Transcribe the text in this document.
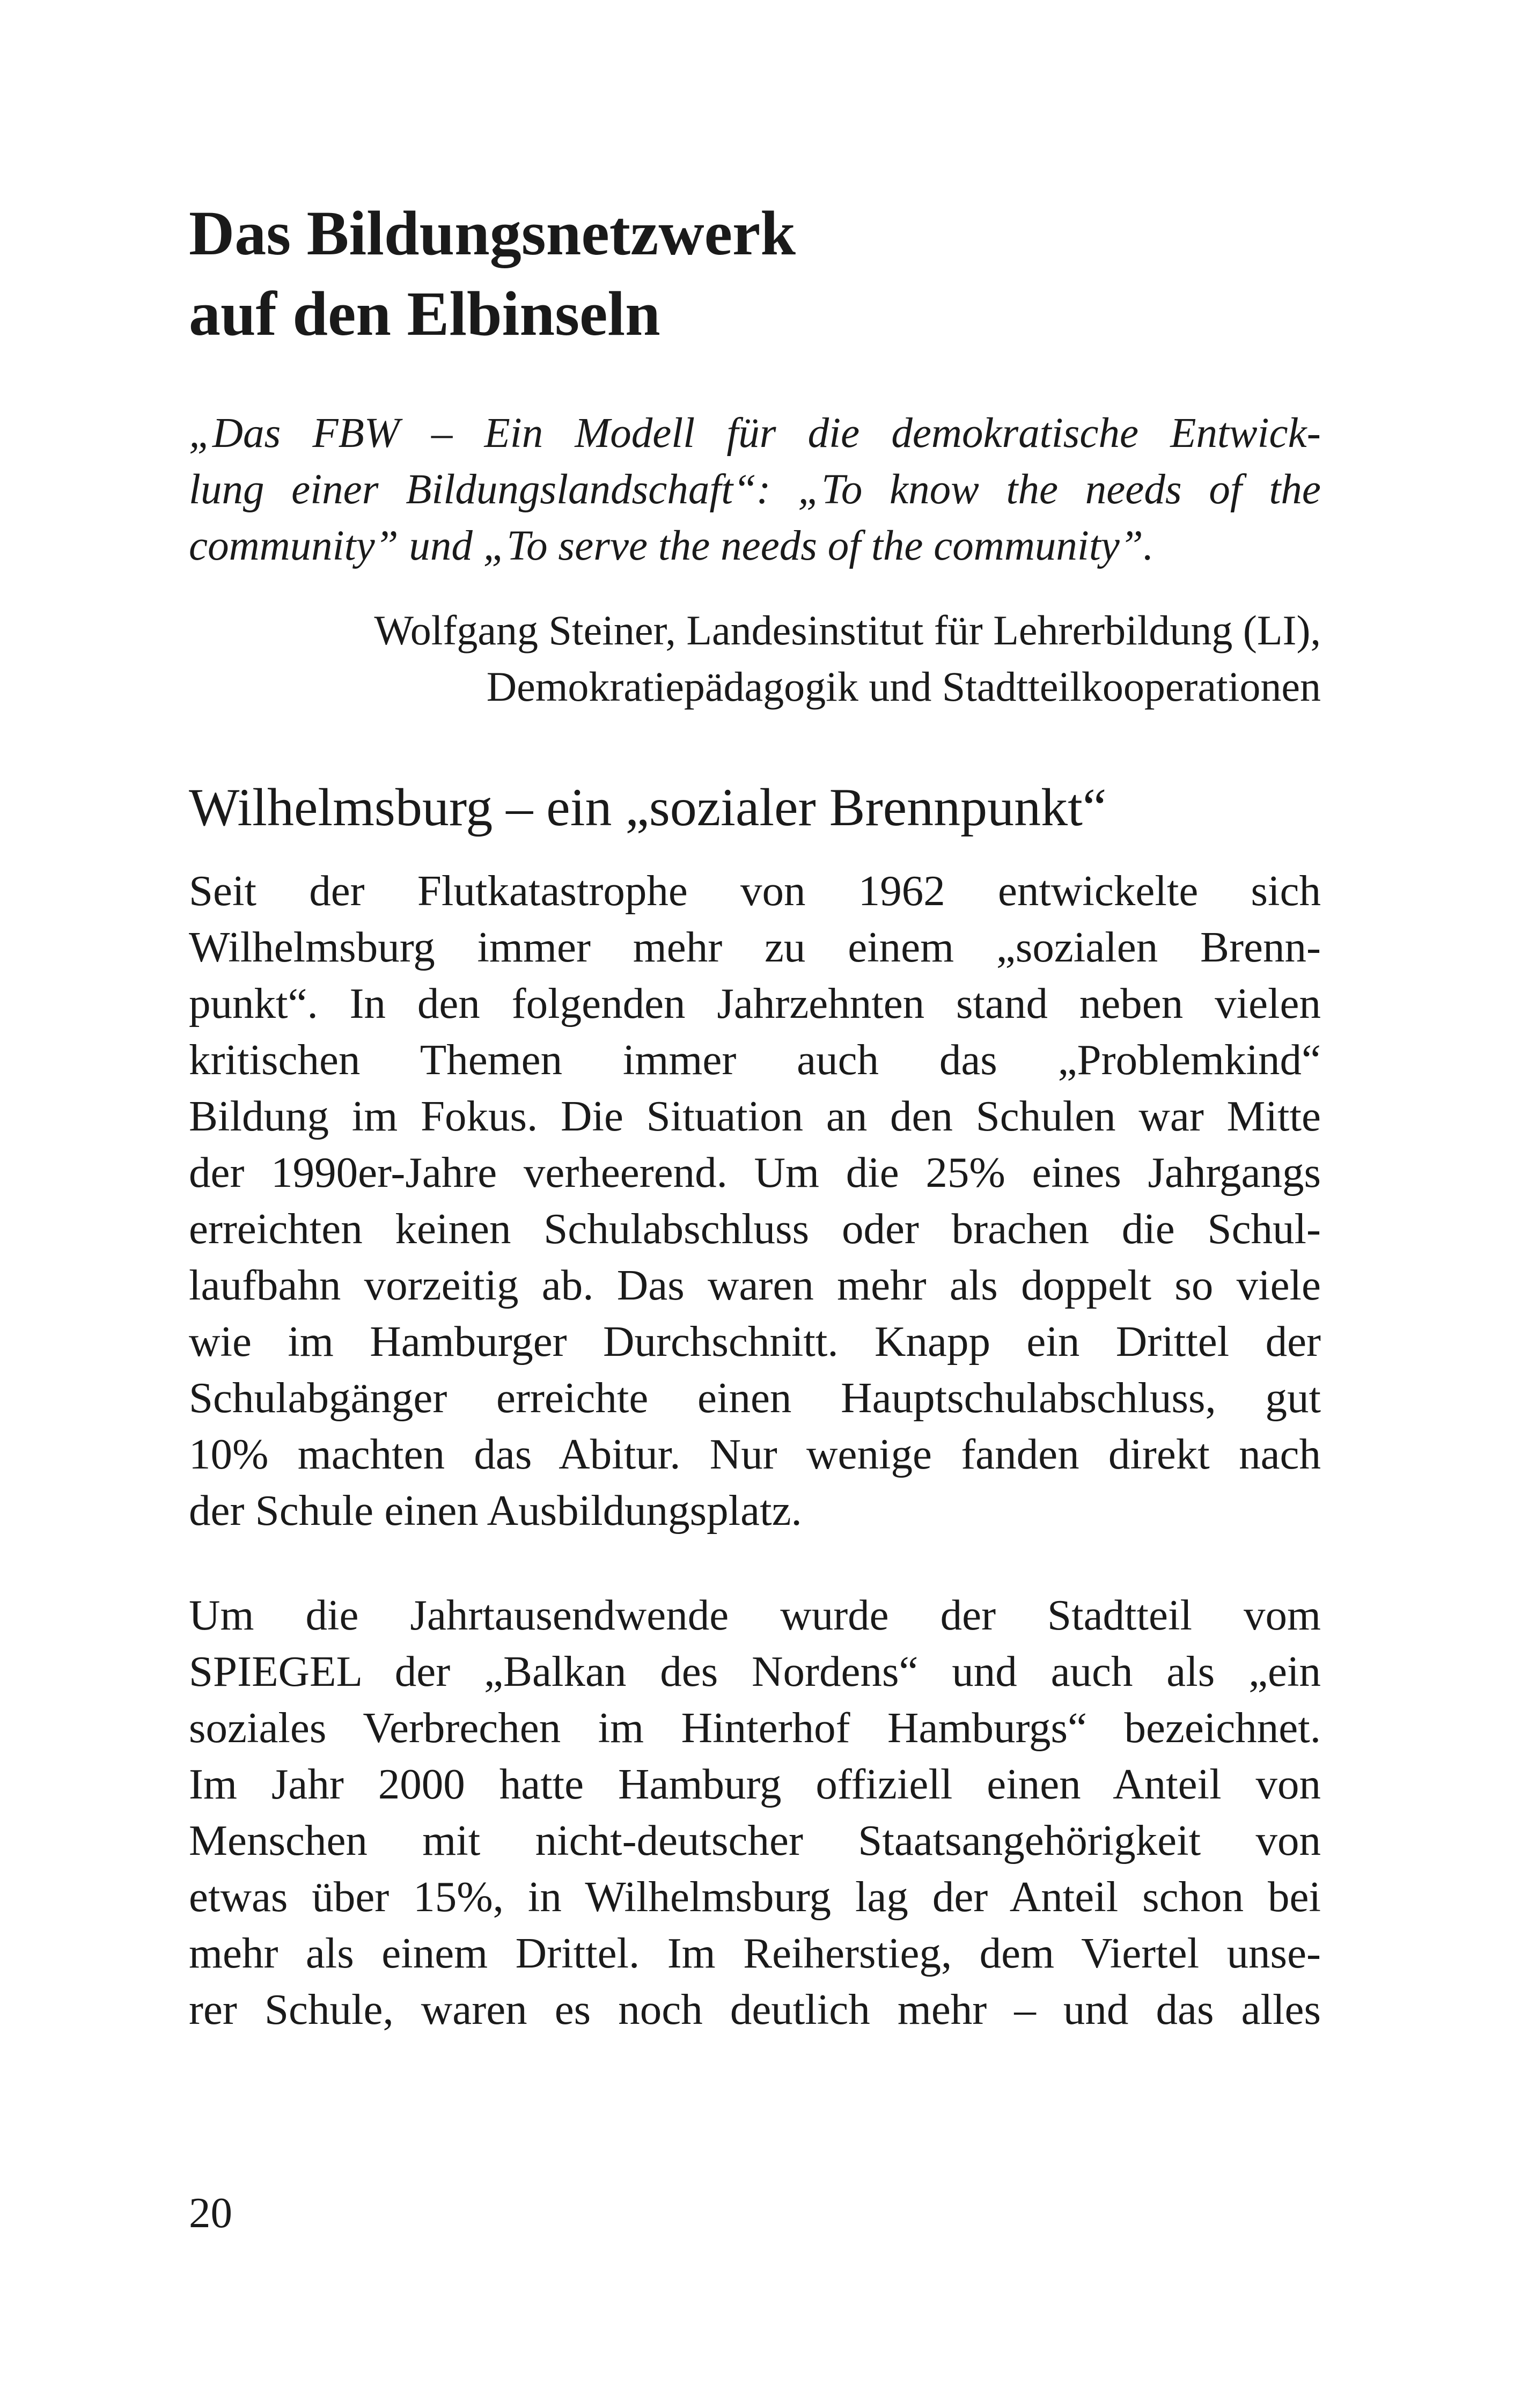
Das Bildungsnetzwerk
auf den Elbinseln
„Das FBW – Ein Modell für die demokratische Entwick-
lung einer Bildungslandschaft“: „To know the needs of the
community” und „To serve the needs of the community”.
Wolfgang Steiner, Landesinstitut für Lehrerbildung (LI),
Demokratiepädagogik und Stadtteilkooperationen
Wilhelmsburg – ein „sozialer Brennpunkt“
Seit der Flutkatastrophe von 1962 entwickelte sich
Wilhelmsburg immer mehr zu einem „sozialen Brenn-
punkt“. In den folgenden Jahrzehnten stand neben vielen
kritischen Themen immer auch das „Problemkind“
Bildung im Fokus. Die Situation an den Schulen war Mitte
der 1990er-Jahre verheerend. Um die 25% eines Jahrgangs
erreichten keinen Schulabschluss oder brachen die Schul-
laufbahn vorzeitig ab. Das waren mehr als doppelt so viele
wie im Hamburger Durchschnitt. Knapp ein Drittel der
Schulabgänger erreichte einen Hauptschulabschluss, gut
10% machten das Abitur. Nur wenige fanden direkt nach
der Schule einen Ausbildungsplatz.
Um die Jahrtausendwende wurde der Stadtteil vom
SPIEGEL der „Balkan des Nordens“ und auch als „ein
soziales Verbrechen im Hinterhof Hamburgs“ bezeichnet.
Im Jahr 2000 hatte Hamburg offiziell einen Anteil von
Menschen mit nicht-deutscher Staatsangehörigkeit von
etwas über 15%, in Wilhelmsburg lag der Anteil schon bei
mehr als einem Drittel. Im Reiherstieg, dem Viertel unse-
rer Schule, waren es noch deutlich mehr – und das alles
20
